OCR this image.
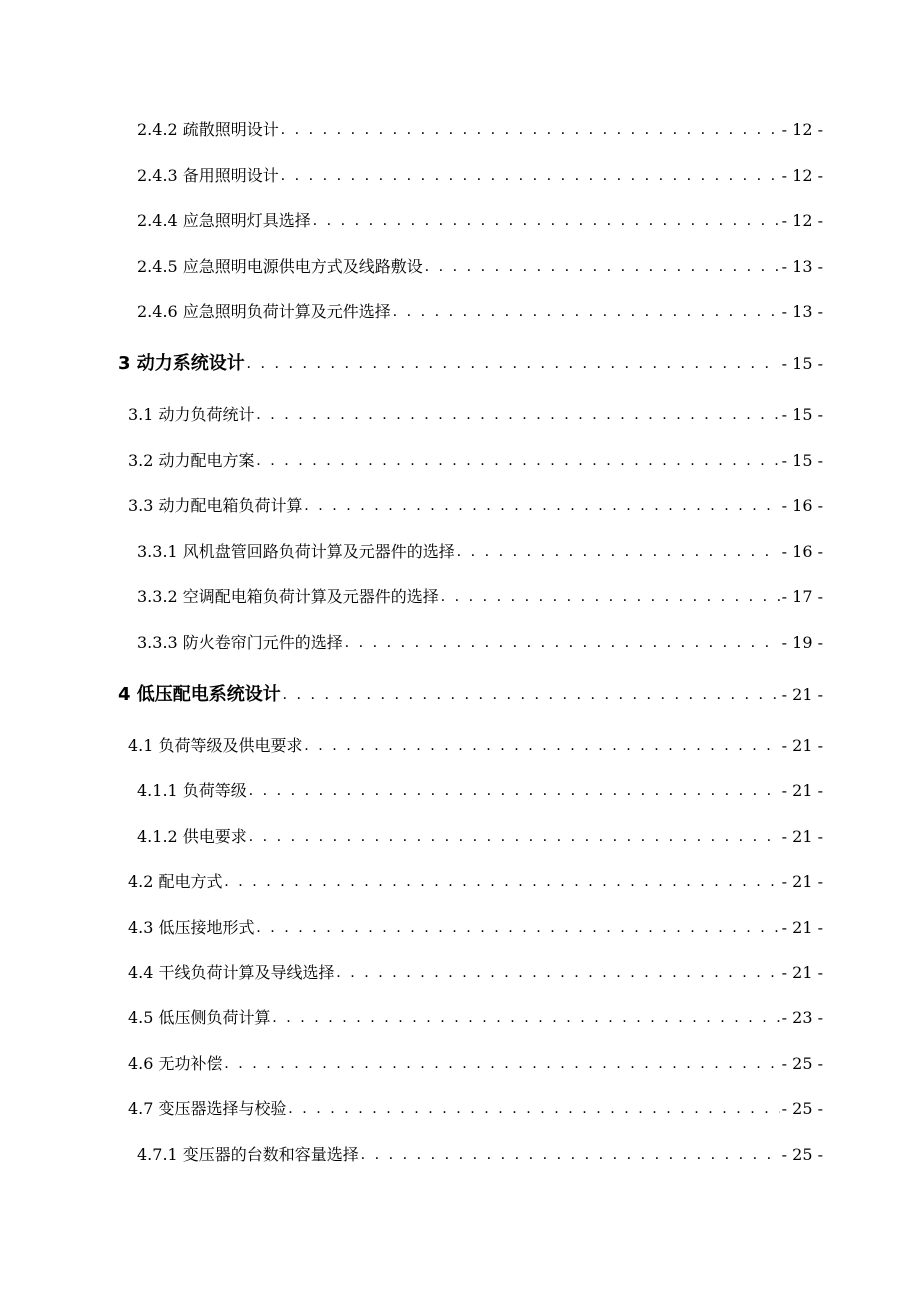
2.4.2 疏散照明设计 . . .	- 12 -
2.4.3 备用照明设计 . . .	- 12 -
2.4.4 应急照明灯具选择 . . .	- 12 -
2.4.5 应急照明电源供电方式及线路敷设 . . .	- 13 -
2.4.6 应急照明负荷计算及元件选择 . . .	- 13 -
3 动力系统设计 . . .	- 15 -
3.1 动力负荷统计 . . .	- 15 -
3.2 动力配电方案 . . .	- 15 -
3.3 动力配电箱负荷计算 . . .	- 16 -
3.3.1 风机盘管回路负荷计算及元器件的选择 . . .	- 16 -
3.3.2 空调配电箱负荷计算及元器件的选择 . . .	- 17 -
3.3.3 防火卷帘门元件的选择 . . .	- 19 -
4 低压配电系统设计 . . .	- 21 -
4.1 负荷等级及供电要求 . . .	- 21 -
4.1.1 负荷等级 . . .	- 21 -
4.1.2 供电要求 . . .	- 21 -
4.2 配电方式 . . .	- 21 -
4.3 低压接地形式 . . .	- 21 -
4.4 干线负荷计算及导线选择 . . .	- 21 -
4.5 低压侧负荷计算 . . .	- 23 -
4.6 无功补偿 . . .	- 25 -
4.7 变压器选择与校验 . . .	- 25 -
4.7.1 变压器的台数和容量选择 . . .	- 25 -
